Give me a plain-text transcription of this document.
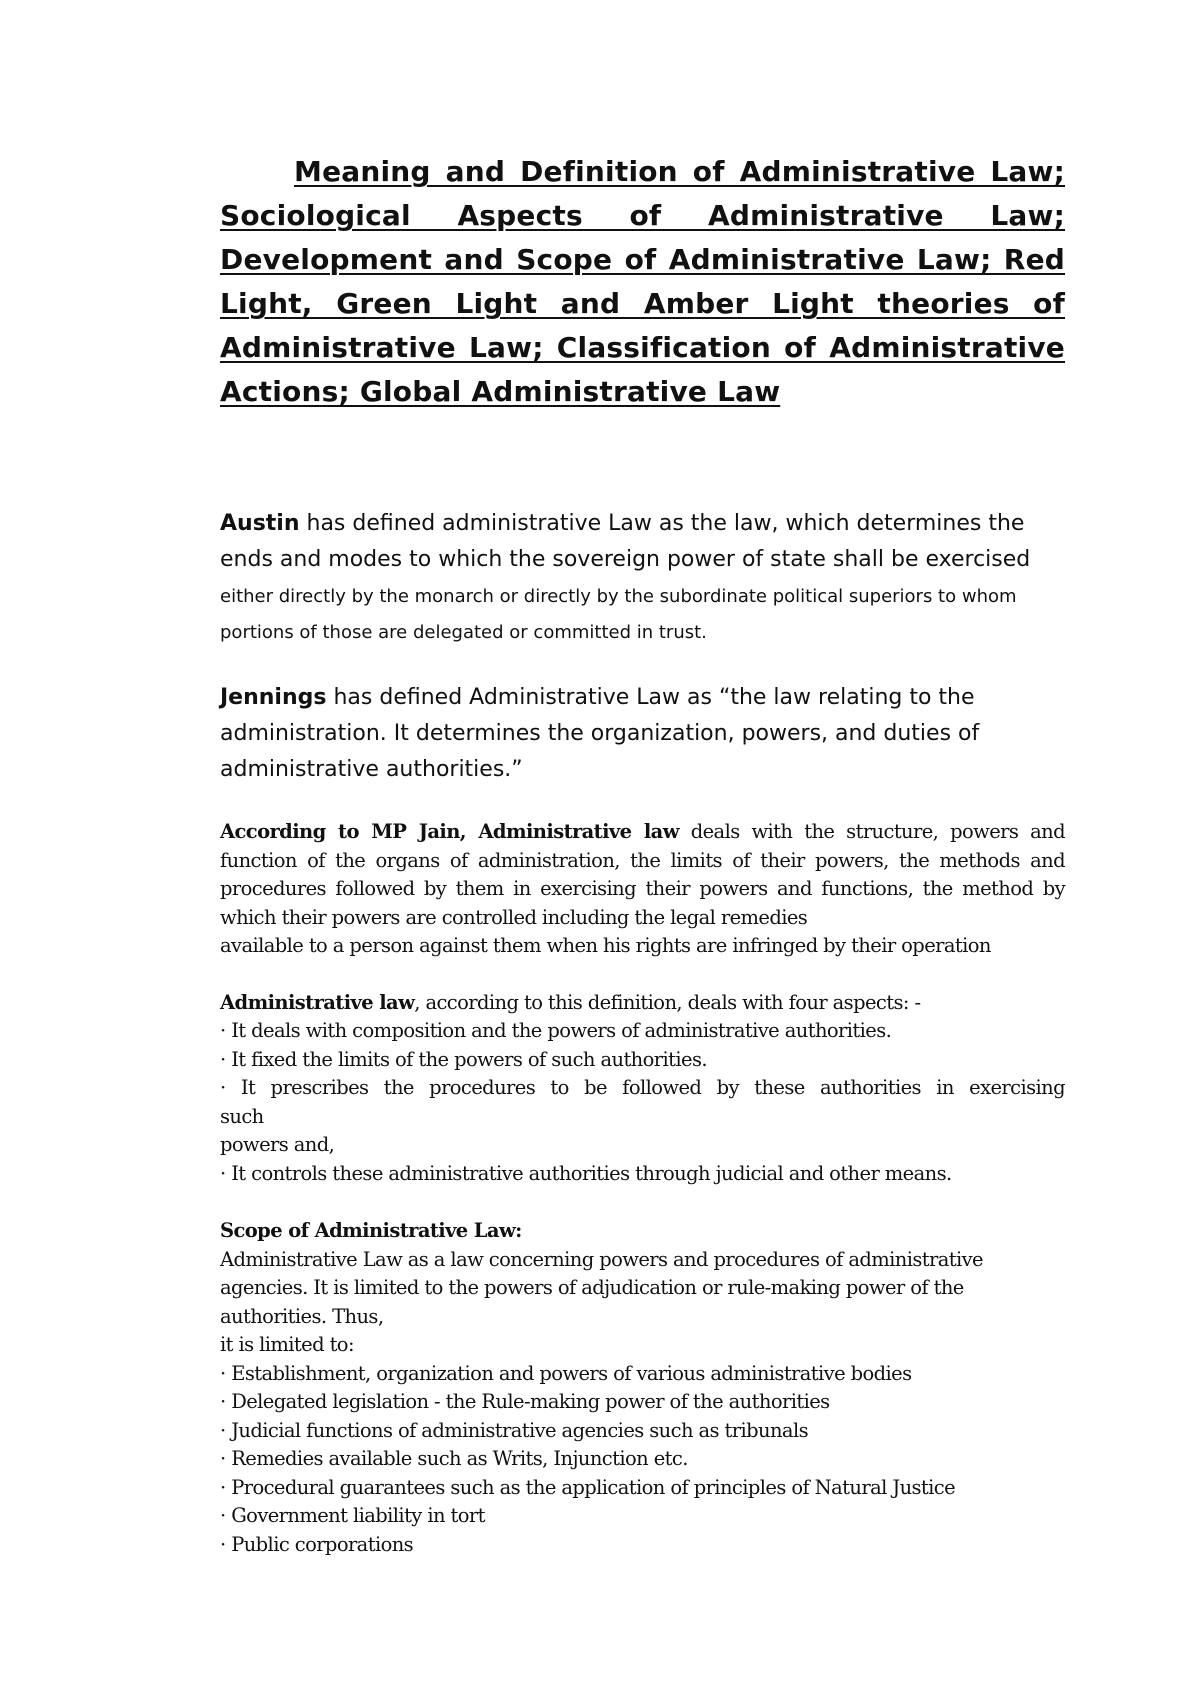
Meaning and Definition of Administrative Law; Sociological Aspects of Administrative Law; Development and Scope of Administrative Law; Red Light, Green Light and Amber Light theories of Administrative Law; Classification of Administrative Actions; Global Administrative Law

Austin has defined administrative Law as the law, which determines the ends and modes to which the sovereign power of state shall be exercised either directly by the monarch or directly by the subordinate political superiors to whom portions of those are delegated or committed in trust.

Jennings has defined Administrative Law as “the law relating to the administration. It determines the organization, powers, and duties of administrative authorities.”

According to MP Jain, Administrative law deals with the structure, powers and function of the organs of administration, the limits of their powers, the methods and procedures followed by them in exercising their powers and functions, the method by which their powers are controlled including the legal remedies

available to a person against them when his rights are infringed by their operation

Administrative law, according to this definition, deals with four aspects: -

· It deals with composition and the powers of administrative authorities.

· It fixed the limits of the powers of such authorities.

· It prescribes the procedures to be followed by these authorities in exercising

such

powers and,

· It controls these administrative authorities through judicial and other means.

Scope of Administrative Law:

Administrative Law as a law concerning powers and procedures of administrative agencies. It is limited to the powers of adjudication or rule-making power of the authorities. Thus,

it is limited to:

· Establishment, organization and powers of various administrative bodies

· Delegated legislation - the Rule-making power of the authorities

· Judicial functions of administrative agencies such as tribunals

· Remedies available such as Writs, Injunction etc.

· Procedural guarantees such as the application of principles of Natural Justice

· Government liability in tort

· Public corporations
